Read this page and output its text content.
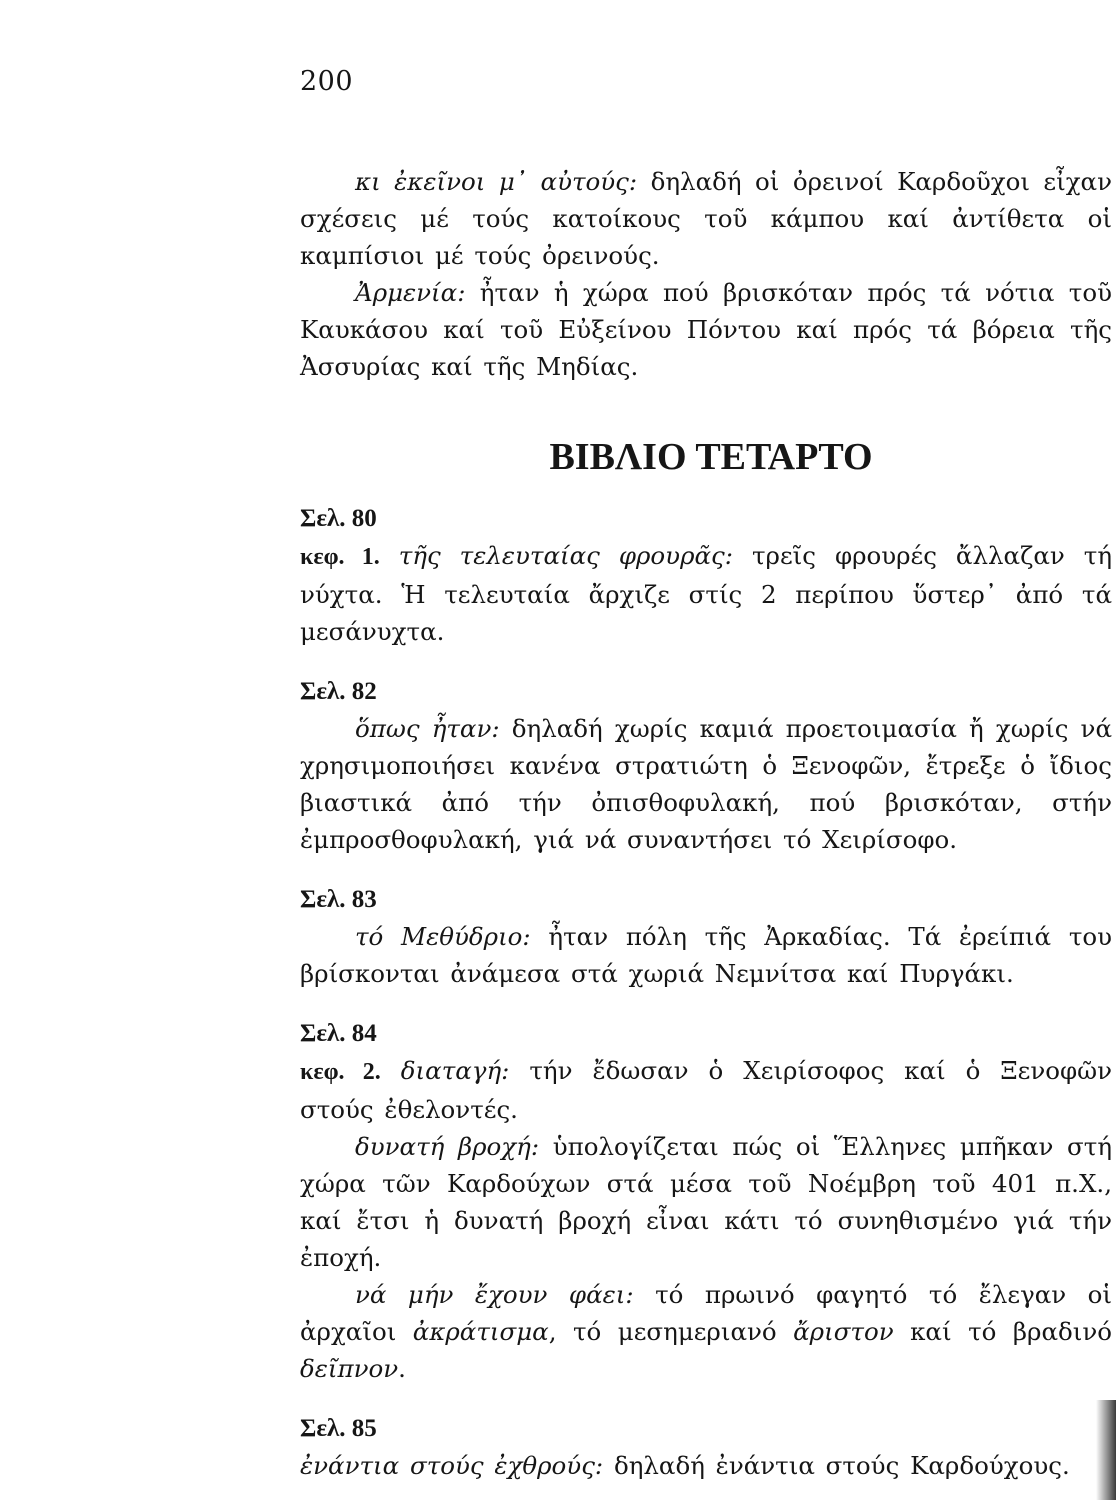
200

κι ἐκεῖνοι μ᾽ αὐτούς: δηλαδή οἱ ὀρεινοί Καρδοῦχοι εἶχαν σχέσεις μέ τούς κατοίκους τοῦ κάμπου καί ἀντίθετα οἱ καμπίσιοι μέ τούς ὀρεινούς.

Ἀρμενία: ἦταν ἡ χώρα πού βρισκόταν πρός τά νότια τοῦ Καυκάσου καί τοῦ Εὐξείνου Πόντου καί πρός τά βόρεια τῆς Ἀσσυρίας καί τῆς Μηδίας.

ΒΙΒΛΙΟ ΤΕΤΑΡΤΟ

Σελ. 80

κεφ. 1. τῆς τελευταίας φρουρᾶς: τρεῖς φρουρές ἄλλαζαν τή νύχτα. Ἡ τελευταία ἄρχιζε στίς 2 περίπου ὕστερ᾽ ἀπό τά μεσάνυχτα.

Σελ. 82

ὅπως ἦταν: δηλαδή χωρίς καμιά προετοιμασία ἤ χωρίς νά χρησιμοποιήσει κανένα στρατιώτη ὁ Ξενοφῶν, ἔτρεξε ὁ ἴδιος βιαστικά ἀπό τήν ὀπισθοφυλακή, πού βρισκόταν, στήν ἐμπροσθοφυλακή, γιά νά συναντήσει τό Χειρίσοφο.

Σελ. 83

τό Μεθύδριο: ἦταν πόλη τῆς Ἀρκαδίας. Τά ἐρείπιά του βρίσκονται ἀνάμεσα στά χωριά Νεμνίτσα καί Πυργάκι.

Σελ. 84

κεφ. 2. διαταγή: τήν ἔδωσαν ὁ Χειρίσοφος καί ὁ Ξενοφῶν στούς ἐθελοντές.

δυνατή βροχή: ὑπολογίζεται πώς οἱ Ἕλληνες μπῆκαν στή χώρα τῶν Καρδούχων στά μέσα τοῦ Νοέμβρη τοῦ 401 π.Χ., καί ἔτσι ἡ δυνατή βροχή εἶναι κάτι τό συνηθισμένο γιά τήν ἐποχή.

νά μήν ἔχουν φάει: τό πρωινό φαγητό τό ἔλεγαν οἱ ἀρχαῖοι ἀκράτισμα, τό μεσημεριανό ἄριστον καί τό βραδινό δεῖπνον.

Σελ. 85

ἐνάντια στούς ἐχθρούς: δηλαδή ἐνάντια στούς Καρδούχους.
